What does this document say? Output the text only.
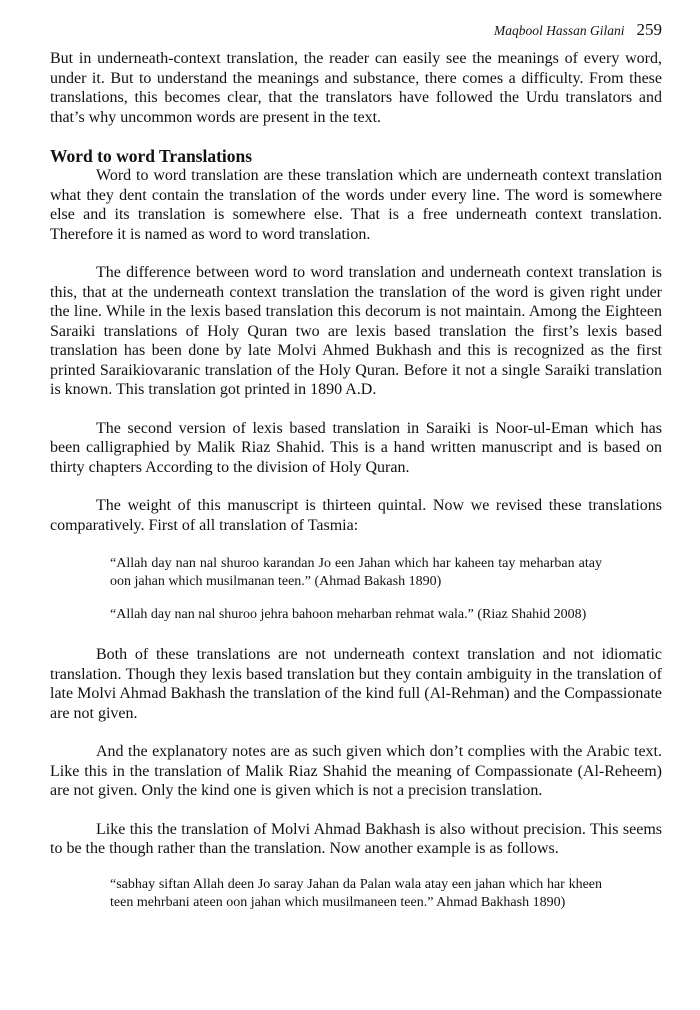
Maqbool Hassan Gilani 259

But in underneath-context translation, the reader can easily see the meanings of every word, under it. But to understand the meanings and substance, there comes a difficulty. From these translations, this becomes clear, that the translators have followed the Urdu translators and that’s why uncommon words are present in the text.

Word to word Translations

Word to word translation are these translation which are underneath context translation what they dent contain the translation of the words under every line. The word is somewhere else and its translation is somewhere else. That is a free underneath context translation. Therefore it is named as word to word translation.

The difference between word to word translation and underneath context translation is this, that at the underneath context translation the translation of the word is given right under the line. While in the lexis based translation this decorum is not maintain. Among the Eighteen Saraiki translations of Holy Quran two are lexis based translation the first’s lexis based translation has been done by late Molvi Ahmed Bukhash and this is recognized as the first printed Saraikiovaranic translation of the Holy Quran. Before it not a single Saraiki translation is known. This translation got printed in 1890 A.D.

The second version of lexis based translation in Saraiki is Noor-ul-Eman which has been calligraphied by Malik Riaz Shahid. This is a hand written manuscript and is based on thirty chapters According to the division of Holy Quran.

The weight of this manuscript is thirteen quintal. Now we revised these translations comparatively. First of all translation of Tasmia:

“Allah day nan nal shuroo karandan Jo een Jahan which har kaheen tay meharban atay oon jahan which musilmanan teen.” (Ahmad Bakash 1890)

“Allah day nan nal shuroo jehra bahoon meharban rehmat wala.” (Riaz Shahid 2008)

Both of these translations are not underneath context translation and not idiomatic translation. Though they lexis based translation but they contain ambiguity in the translation of late Molvi Ahmad Bakhash the translation of the kind full (Al-Rehman) and the Compassionate are not given.

And the explanatory notes are as such given which don’t complies with the Arabic text. Like this in the translation of Malik Riaz Shahid the meaning of Compassionate (Al-Reheem) are not given. Only the kind one is given which is not a precision translation.

Like this the translation of Molvi Ahmad Bakhash is also without precision. This seems to be the though rather than the translation. Now another example is as follows.

“sabhay siftan Allah deen Jo saray Jahan da Palan wala atay een jahan which har kheen teen mehrbani ateen oon jahan which musilmaneen teen.” Ahmad Bakhash 1890)
